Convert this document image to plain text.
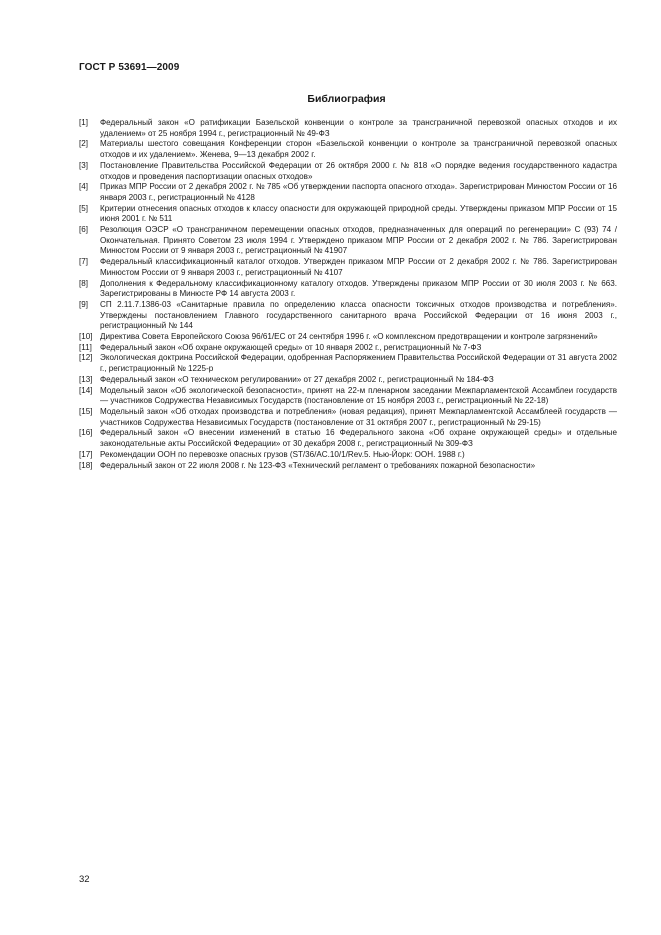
ГОСТ Р 53691—2009
Библиография
[1]	Федеральный закон «О ратификации Базельской конвенции о контроле за трансграничной перевозкой опасных отходов и их удалением» от 25 ноября 1994 г., регистрационный № 49-ФЗ
[2]	Материалы шестого совещания Конференции сторон «Базельской конвенции о контроле за трансграничной перевозкой опасных отходов и их удалением». Женева, 9—13 декабря 2002 г.
[3]	Постановление Правительства Российской Федерации от 26 октября 2000 г. № 818 «О порядке ведения государственного кадастра отходов и проведения паспортизации опасных отходов»
[4]	Приказ МПР России от 2 декабря 2002 г. № 785 «Об утверждении паспорта опасного отхода». Зарегистрирован Минюстом России от 16 января 2003 г., регистрационный № 4128
[5]	Критерии отнесения опасных отходов к классу опасности для окружающей природной среды. Утверждены приказом МПР России от 15 июня 2001 г. № 511
[6]	Резолюция ОЭСР «О трансграничном перемещении опасных отходов, предназначенных для операций по регенерации» C (93) 74 / Окончательная. Принято Советом 23 июля 1994 г. Утверждено приказом МПР России от 2 декабря 2002 г. № 786. Зарегистрирован Минюстом России от 9 января 2003 г., регистрационный № 41907
[7]	Федеральный классификационный каталог отходов. Утвержден приказом МПР России от 2 декабря 2002 г. № 786. Зарегистрирован Минюстом России от 9 января 2003 г., регистрационный № 4107
[8]	Дополнения к Федеральному классификационному каталогу отходов. Утверждены приказом МПР России от 30 июля 2003 г. № 663. Зарегистрированы в Минюсте РФ 14 августа 2003 г.
[9]	СП 2.11.7.1386-03 «Санитарные правила по определению класса опасности токсичных отходов производства и потребления». Утверждены постановлением Главного государственного санитарного врача Российской Федерации от 16 июня 2003 г., регистрационный № 144
[10] Директива Совета Европейского Союза 96/61/EC от 24 сентября 1996 г. «О комплексном предотвращении и контроле загрязнений»
[11] Федеральный закон «Об охране окружающей среды» от 10 января 2002 г., регистрационный № 7-ФЗ
[12] Экологическая доктрина Российской Федерации, одобренная Распоряжением Правительства Российской Федерации от 31 августа 2002 г., регистрационный № 1225-р
[13] Федеральный закон «О техническом регулировании» от 27 декабря 2002 г., регистрационный № 184-ФЗ
[14] Модельный закон «Об экологической безопасности», принят на 22-м пленарном заседании Межпарламентской Ассамблеи государств — участников Содружества Независимых Государств (постановление от 15 ноября 2003 г., регистрационный № 22-18)
[15] Модельный закон «Об отходах производства и потребления» (новая редакция), принят Межпарламентской Ассамблеей государств — участников Содружества Независимых Государств (постановление от 31 октября 2007 г., регистрационный № 29-15)
[16] Федеральный закон «О внесении изменений в статью 16 Федерального закона «Об охране окружающей среды» и отдельные законодательные акты Российской Федерации» от 30 декабря 2008 г., регистрационный № 309-ФЗ
[17] Рекомендации ООН по перевозке опасных грузов (ST/36/AC.10/1/Rev.5. Нью-Йорк: ООН. 1988 г.)
[18] Федеральный закон от 22 июля 2008 г. № 123-ФЗ «Технический регламент о требованиях пожарной безопасности»
32
